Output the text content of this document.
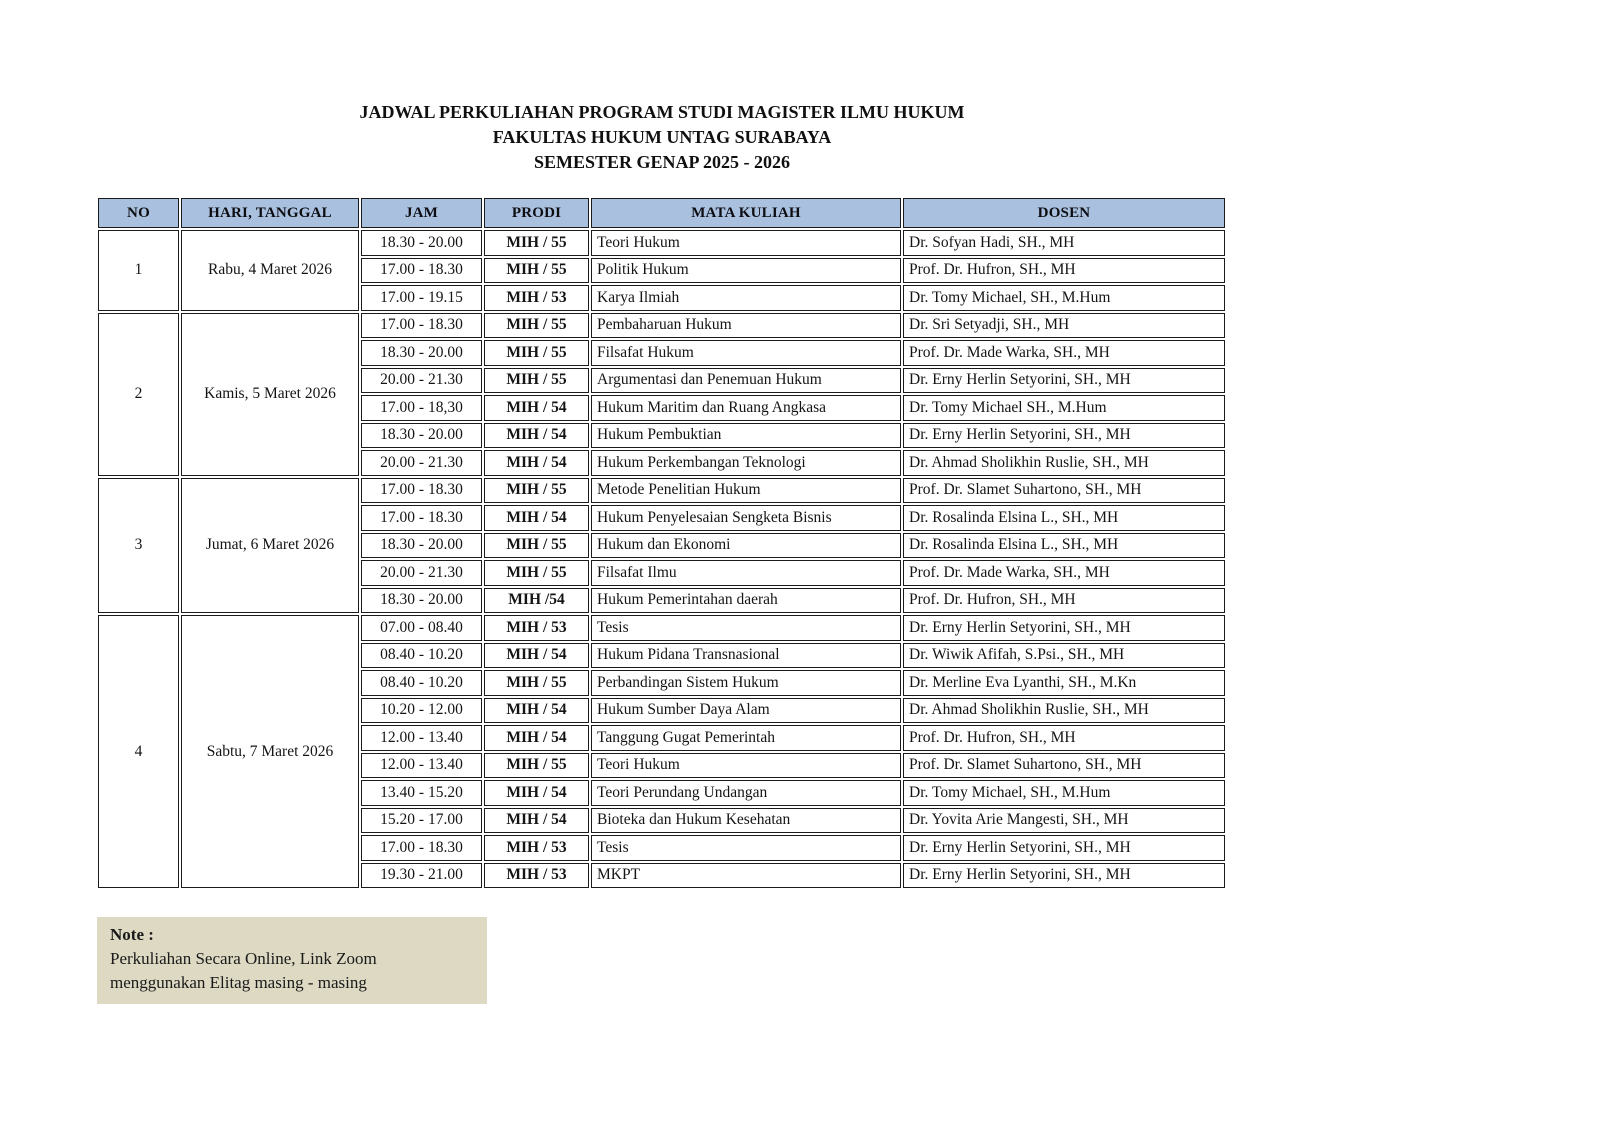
JADWAL PERKULIAHAN PROGRAM STUDI MAGISTER ILMU HUKUM
FAKULTAS HUKUM UNTAG SURABAYA
SEMESTER GENAP 2025 - 2026
NO	HARI, TANGGAL	JAM	PRODI	MATA KULIAH	DOSEN
1	Rabu, 4 Maret 2026	18.30 - 20.00	MIH / 55	Teori Hukum	Dr. Sofyan Hadi, SH., MH
		17.00 - 18.30	MIH / 55	Politik Hukum	Prof. Dr. Hufron, SH., MH
		17.00 - 19.15	MIH / 53	Karya Ilmiah	Dr. Tomy Michael, SH., M.Hum
2	Kamis, 5 Maret 2026	17.00 - 18.30	MIH / 55	Pembaharuan Hukum	Dr. Sri Setyadji, SH., MH
		18.30 - 20.00	MIH / 55	Filsafat Hukum	Prof. Dr. Made Warka, SH., MH
		20.00 - 21.30	MIH / 55	Argumentasi dan Penemuan Hukum	Dr. Erny Herlin Setyorini, SH., MH
		17.00 - 18,30	MIH / 54	Hukum Maritim dan Ruang Angkasa	Dr. Tomy Michael SH., M.Hum
		18.30 - 20.00	MIH / 54	Hukum Pembuktian	Dr. Erny Herlin Setyorini, SH., MH
		20.00 - 21.30	MIH / 54	Hukum Perkembangan Teknologi	Dr. Ahmad Sholikhin Ruslie, SH., MH
3	Jumat, 6 Maret 2026	17.00 - 18.30	MIH / 55	Metode Penelitian Hukum	Prof. Dr. Slamet Suhartono, SH., MH
		17.00 - 18.30	MIH / 54	Hukum Penyelesaian Sengketa Bisnis	Dr. Rosalinda Elsina L., SH., MH
		18.30 - 20.00	MIH / 55	Hukum dan Ekonomi	Dr. Rosalinda Elsina L., SH., MH
		20.00 - 21.30	MIH / 55	Filsafat Ilmu	Prof. Dr. Made Warka, SH., MH
		18.30 - 20.00	MIH /54	Hukum Pemerintahan daerah	Prof. Dr. Hufron, SH., MH
4	Sabtu, 7 Maret 2026	07.00 - 08.40	MIH / 53	Tesis	Dr. Erny Herlin Setyorini, SH., MH
		08.40 - 10.20	MIH / 54	Hukum Pidana Transnasional	Dr. Wiwik Afifah, S.Psi., SH., MH
		08.40 - 10.20	MIH / 55	Perbandingan Sistem Hukum	Dr. Merline Eva Lyanthi, SH., M.Kn
		10.20 - 12.00	MIH / 54	Hukum Sumber Daya Alam	Dr. Ahmad Sholikhin Ruslie, SH., MH
		12.00 - 13.40	MIH / 54	Tanggung Gugat Pemerintah	Prof. Dr. Hufron, SH., MH
		12.00 - 13.40	MIH / 55	Teori Hukum	Prof. Dr. Slamet Suhartono, SH., MH
		13.40 - 15.20	MIH / 54	Teori Perundang Undangan	Dr. Tomy Michael, SH., M.Hum
		15.20 - 17.00	MIH / 54	Bioteka dan Hukum Kesehatan	Dr. Yovita Arie Mangesti, SH., MH
		17.00 - 18.30	MIH / 53	Tesis	Dr. Erny Herlin Setyorini, SH., MH
		19.30 - 21.00	MIH / 53	MKPT	Dr. Erny Herlin Setyorini, SH., MH
Note :
Perkuliahan Secara Online, Link Zoom
menggunakan Elitag masing - masing
